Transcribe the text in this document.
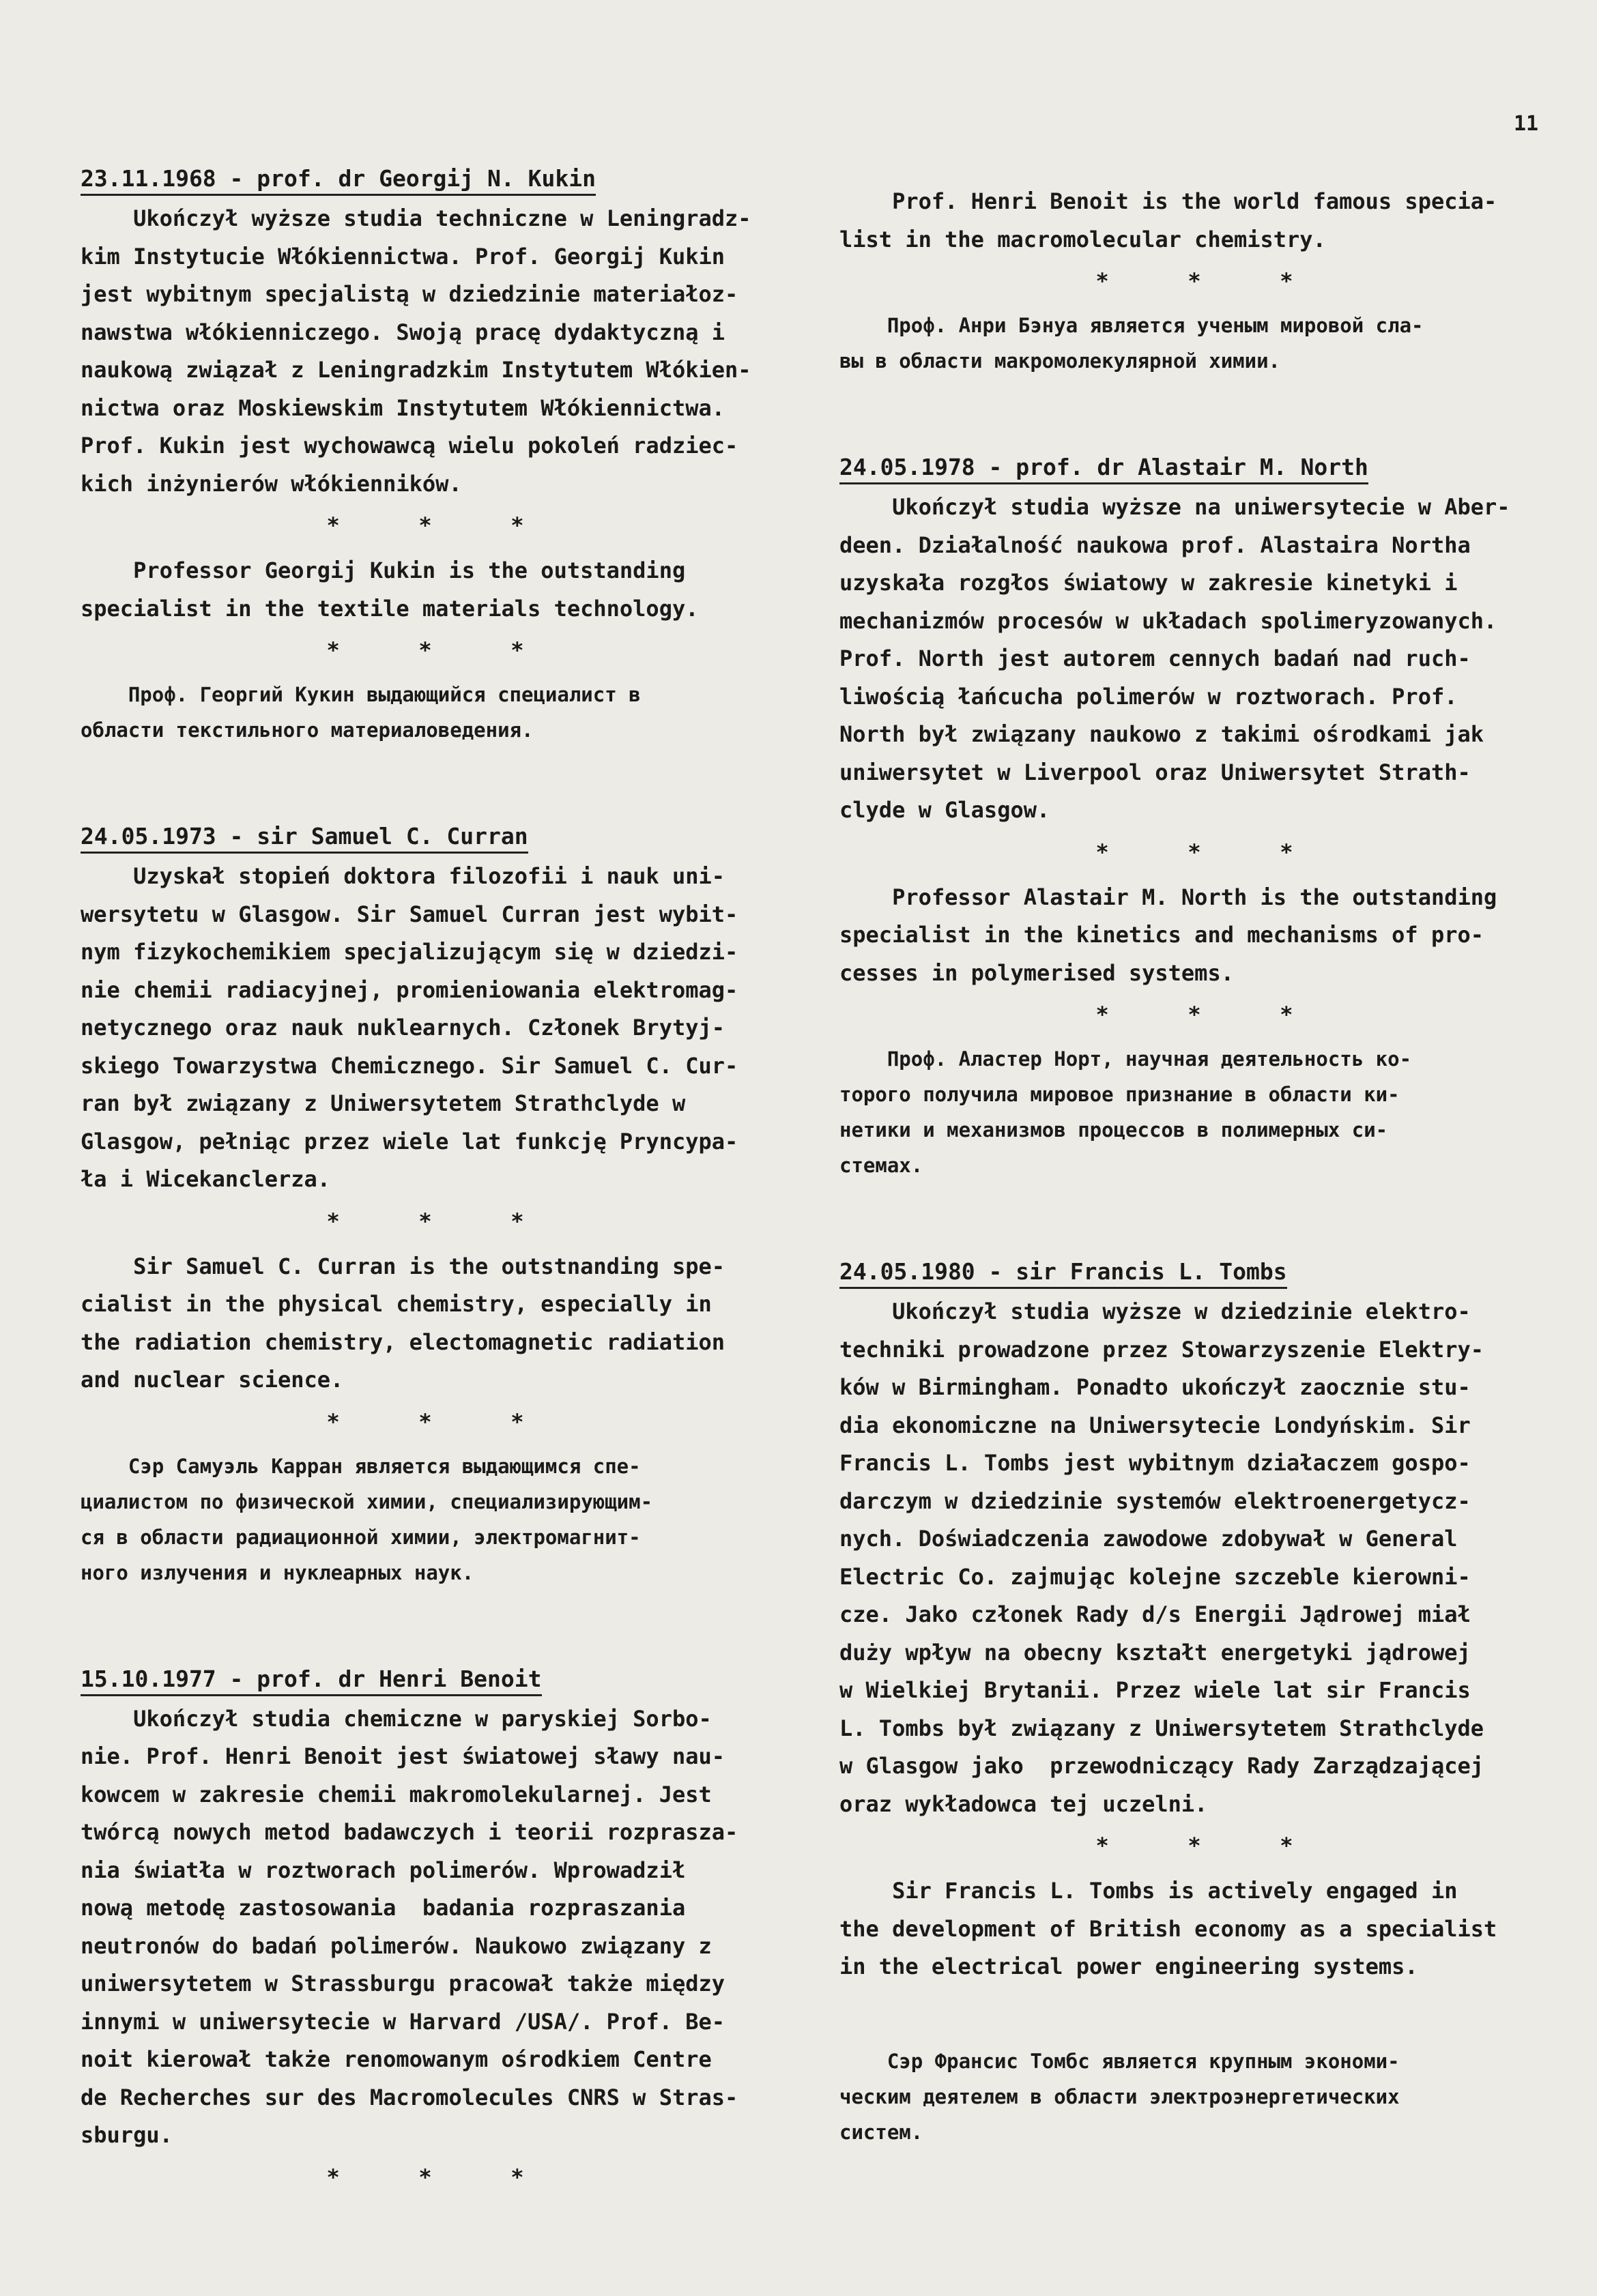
11
23.11.1968 - prof. dr Georgij N. Kukin

Ukończył wyższe studia techniczne w Leningradz-
kim Instytucie Włókiennictwa. Prof. Georgij Kukin
jest wybitnym specjalistą w dziedzinie materiałoz-
nawstwa włókienniczego. Swoją pracę dydaktyczną i
naukową związał z Leningradzkim Instytutem Włókien-
nictwa oraz Moskiewskim Instytutem Włókiennictwa.
Prof. Kukin jest wychowawcą wielu pokoleń radziec-
kich inżynierów włókienników.

*      *      *

Professor Georgij Kukin is the outstanding
specialist in the textile materials technology.

*      *      *

Проф. Георгий Кукин выдающийся специалист в
области текстильного материаловедения.

24.05.1973 - sir Samuel C. Curran

Uzyskał stopień doktora filozofii i nauk uni-
wersytetu w Glasgow. Sir Samuel Curran jest wybit-
nym fizykochemikiem specjalizującym się w dziedzi-
nie chemii radiacyjnej, promieniowania elektromag-
netycznego oraz nauk nuklearnych. Członek Brytyj-
skiego Towarzystwa Chemicznego. Sir Samuel C. Cur-
ran był związany z Uniwersytetem Strathclyde w
Glasgow, pełniąc przez wiele lat funkcję Pryncypa-
ła i Wicekanclerza.

*      *      *

Sir Samuel C. Curran is the outstnanding spe-
cialist in the physical chemistry, especially in
the radiation chemistry, electomagnetic radiation
and nuclear science.

*      *      *

Сэр Самуэль Карран является выдающимся спе-
циалистом по физической химии, специализирующим-
ся в области радиационной химии, электромагнит-
ного излучения и нуклеарных наук.

15.10.1977 - prof. dr Henri Benoit

Ukończył studia chemiczne w paryskiej Sorbo-
nie. Prof. Henri Benoit jest światowej sławy nau-
kowcem w zakresie chemii makromolekularnej. Jest
twórcą nowych metod badawczych i teorii rozprasza-
nia światła w roztworach polimerów. Wprowadził
nową metodę zastosowania  badania rozpraszania
neutronów do badań polimerów. Naukowo związany z
uniwersytetem w Strassburgu pracował także między
innymi w uniwersytecie w Harvard /USA/. Prof. Be-
noit kierował także renomowanym ośrodkiem Centre
de Recherches sur des Macromolecules CNRS w Stras-
sburgu.

*      *      *

Prof. Henri Benoit is the world famous specia-
list in the macromolecular chemistry.

*      *      *

Проф. Анри Бэнуа является ученым мировой сла-
вы в области макромолекулярной химии.

24.05.1978 - prof. dr Alastair M. North

Ukończył studia wyższe na uniwersytecie w Aber-
deen. Działalność naukowa prof. Alastaira Northa
uzyskała rozgłos światowy w zakresie kinetyki i
mechanizmów procesów w układach spolimeryzowanych.
Prof. North jest autorem cennych badań nad ruch-
liwością łańcucha polimerów w roztworach. Prof.
North był związany naukowo z takimi ośrodkami jak
uniwersytet w Liverpool oraz Uniwersytet Strath-
clyde w Glasgow.

*      *      *

Professor Alastair M. North is the outstanding
specialist in the kinetics and mechanisms of pro-
cesses in polymerised systems.

*      *      *

Проф. Аластер Норт, научная деятельность ко-
торого получила мировое признание в области ки-
нетики и механизмов процессов в полимерных си-
стемах.

24.05.1980 - sir Francis L. Tombs

Ukończył studia wyższe w dziedzinie elektro-
techniki prowadzone przez Stowarzyszenie Elektry-
ków w Birmingham. Ponadto ukończył zaocznie stu-
dia ekonomiczne na Uniwersytecie Londyńskim. Sir
Francis L. Tombs jest wybitnym działaczem gospo-
darczym w dziedzinie systemów elektroenergetycz-
nych. Doświadczenia zawodowe zdobywał w General
Electric Co. zajmując kolejne szczeble kierowni-
cze. Jako członek Rady d/s Energii Jądrowej miał
duży wpływ na obecny kształt energetyki jądrowej
w Wielkiej Brytanii. Przez wiele lat sir Francis
L. Tombs był związany z Uniwersytetem Strathclyde
w Glasgow jako  przewodniczący Rady Zarządzającej
oraz wykładowca tej uczelni.

*      *      *

Sir Francis L. Tombs is actively engaged in
the development of British economy as a specialist
in the electrical power engineering systems.

Сэр Франсис Томбс является крупным экономи-
ческим деятелем в области электроэнергетических
систем.
